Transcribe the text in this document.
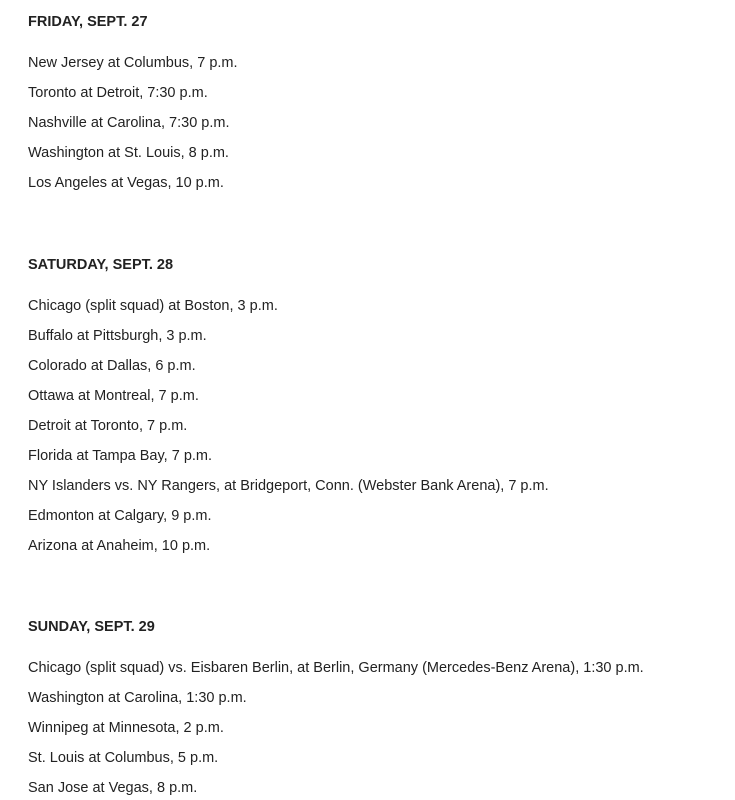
FRIDAY, SEPT. 27
New Jersey at Columbus, 7 p.m.
Toronto at Detroit, 7:30 p.m.
Nashville at Carolina, 7:30 p.m.
Washington at St. Louis, 8 p.m.
Los Angeles at Vegas, 10 p.m.
SATURDAY, SEPT. 28
Chicago (split squad) at Boston, 3 p.m.
Buffalo at Pittsburgh, 3 p.m.
Colorado at Dallas, 6 p.m.
Ottawa at Montreal, 7 p.m.
Detroit at Toronto, 7 p.m.
Florida at Tampa Bay, 7 p.m.
NY Islanders vs. NY Rangers, at Bridgeport, Conn. (Webster Bank Arena), 7 p.m.
Edmonton at Calgary, 9 p.m.
Arizona at Anaheim, 10 p.m.
SUNDAY, SEPT. 29
Chicago (split squad) vs. Eisbaren Berlin, at Berlin, Germany (Mercedes-Benz Arena), 1:30 p.m.
Washington at Carolina, 1:30 p.m.
Winnipeg at Minnesota, 2 p.m.
St. Louis at Columbus, 5 p.m.
San Jose at Vegas, 8 p.m.
